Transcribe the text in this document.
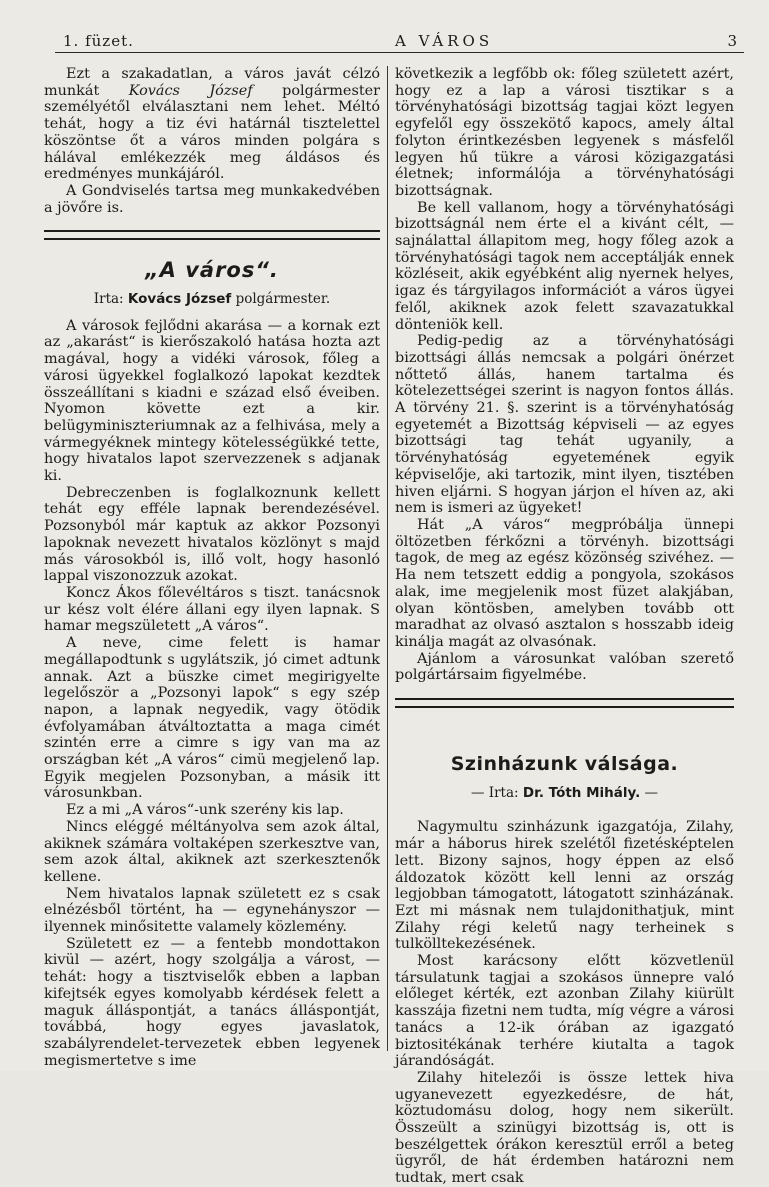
1. füzet.	A VÁROS	3

Ezt a szakadatlan, a város javát célzó munkát Kovács József polgármester személyétől elválasztani nem lehet. Méltó tehát, hogy a tiz évi határnál tisztelettel köszöntse őt a város minden polgára s hálával emlékezzék meg áldásos és eredményes munkájáról.

A Gondviselés tartsa meg munkakedvében a jövőre is.

„A város“.

Irta: Kovács József polgármester.

A városok fejlődni akarása — a kornak ezt az „akarást“ is kierőszakoló hatása hozta azt magával, hogy a vidéki városok, főleg a városi ügyekkel foglalkozó lapokat kezdtek összeállítani s kiadni e század első éveiben. Nyomon követte ezt a kir. belügyminiszteriumnak az a felhivása, mely a vármegyéknek mintegy kötelességükké tette, hogy hivatalos lapot szervezzenek s adjanak ki.

Debreczenben is foglalkoznunk kellett tehát egy efféle lapnak berendezésével. Pozsonyból már kaptuk az akkor Pozsonyi lapoknak nevezett hivatalos közlönyt s majd más városokból is, illő volt, hogy hasonló lappal viszonozzuk azokat.

Koncz Ákos főlevéltáros s tiszt. tanácsnok ur kész volt élére állani egy ilyen lapnak. S hamar megszületett „A város“.

A neve, cime felett is hamar megállapodtunk s ugylátszik, jó cimet adtunk annak. Azt a büszke cimet megirigyelte legelőször a „Pozsonyi lapok“ s egy szép napon, a lapnak negyedik, vagy ötödik évfolyamában átváltoztatta a maga cimét szintén erre a cimre s igy van ma az országban két „A város“ cimü megjelenő lap. Egyik megjelen Pozsonyban, a másik itt városunkban.

Ez a mi „A város“-unk szerény kis lap.

Nincs eléggé méltányolva sem azok által, akiknek számára voltaképen szerkesztve van, sem azok által, akiknek azt szerkesztenők kellene.

Nem hivatalos lapnak született ez s csak elnézésből történt, ha — egynehányszor — ilyennek minősitette valamely közlemény.

Született ez — a fentebb mondottakon kivül — azért, hogy szolgálja a várost, — tehát: hogy a tisztviselők ebben a lapban kifejtsék egyes komolyabb kérdések felett a maguk álláspontját, a tanács álláspontját, továbbá, hogy egyes javaslatok, szabályrendelet-tervezetek ebben legyenek megismertetve s ime

következik a legfőbb ok: főleg született azért, hogy ez a lap a városi tisztikar s a törvényhatósági bizottság tagjai közt legyen egyfelől egy összekötő kapocs, amely által folyton érintkezésben legyenek s másfelől legyen hű tükre a városi közigazgatási életnek; informálója a törvényhatósági bizottságnak.

Be kell vallanom, hogy a törvényhatósági bizottságnál nem érte el a kivánt célt, — sajnálattal állapitom meg, hogy főleg azok a törvényhatósági tagok nem acceptálják ennek közléseit, akik egyébként alig nyernek helyes, igaz és tárgyilagos információt a város ügyei felől, akiknek azok felett szavazatukkal dönteniök kell.

Pedig-pedig az a törvényhatósági bizottsági állás nemcsak a polgári önérzet nőttető állás, hanem tartalma és kötelezettségei szerint is nagyon fontos állás. A törvény 21. §. szerint is a törvényhatóság egyetemét a Bizottság képviseli — az egyes bizottsági tag tehát ugyanily, a törvényhatóság egyetemének egyik képviselője, aki tartozik, mint ilyen, tisztében hiven eljárni. S hogyan járjon el híven az, aki nem is ismeri az ügyeket!

Hát „A város“ megpróbálja ünnepi öltözetben férkőzni a törvényh. bizottsági tagok, de meg az egész közönség szivéhez. — Ha nem tetszett eddig a pongyola, szokásos alak, ime megjelenik most füzet alakjában, olyan köntösben, amelyben tovább ott maradhat az olvasó asztalon s hosszabb ideig kinálja magát az olvasónak.

Ajánlom a városunkat valóban szerető polgártársaim figyelmébe.

Szinházunk válsága.

— Irta: Dr. Tóth Mihály. —

Nagymultu szinházunk igazgatója, Zilahy, már a háborus hirek szelétől fizetésképtelen lett. Bizony sajnos, hogy éppen az első áldozatok között kell lenni az ország legjobban támogatott, látogatott szinházának. Ezt mi másnak nem tulajdonithatjuk, mint Zilahy régi keletű nagy terheinek s tulkölltekezésének.

Most karácsony előtt közvetlenül társulatunk tagjai a szokásos ünnepre való előleget kérték, ezt azonban Zilahy kiürült kasszája fizetni nem tudta, míg végre a városi tanács a 12-ik órában az igazgató biztositékának terhére kiutalta a tagok járandóságát.

Zilahy hitelezői is össze lettek hiva ugyanevezett egyezkedésre, de hát, köztudomásu dolog, hogy nem sikerült. Összeült a szinügyi bizottság is, ott is beszélgettek órákon keresztül erről a beteg ügyről, de hát érdemben határozni nem tudtak, mert csak
